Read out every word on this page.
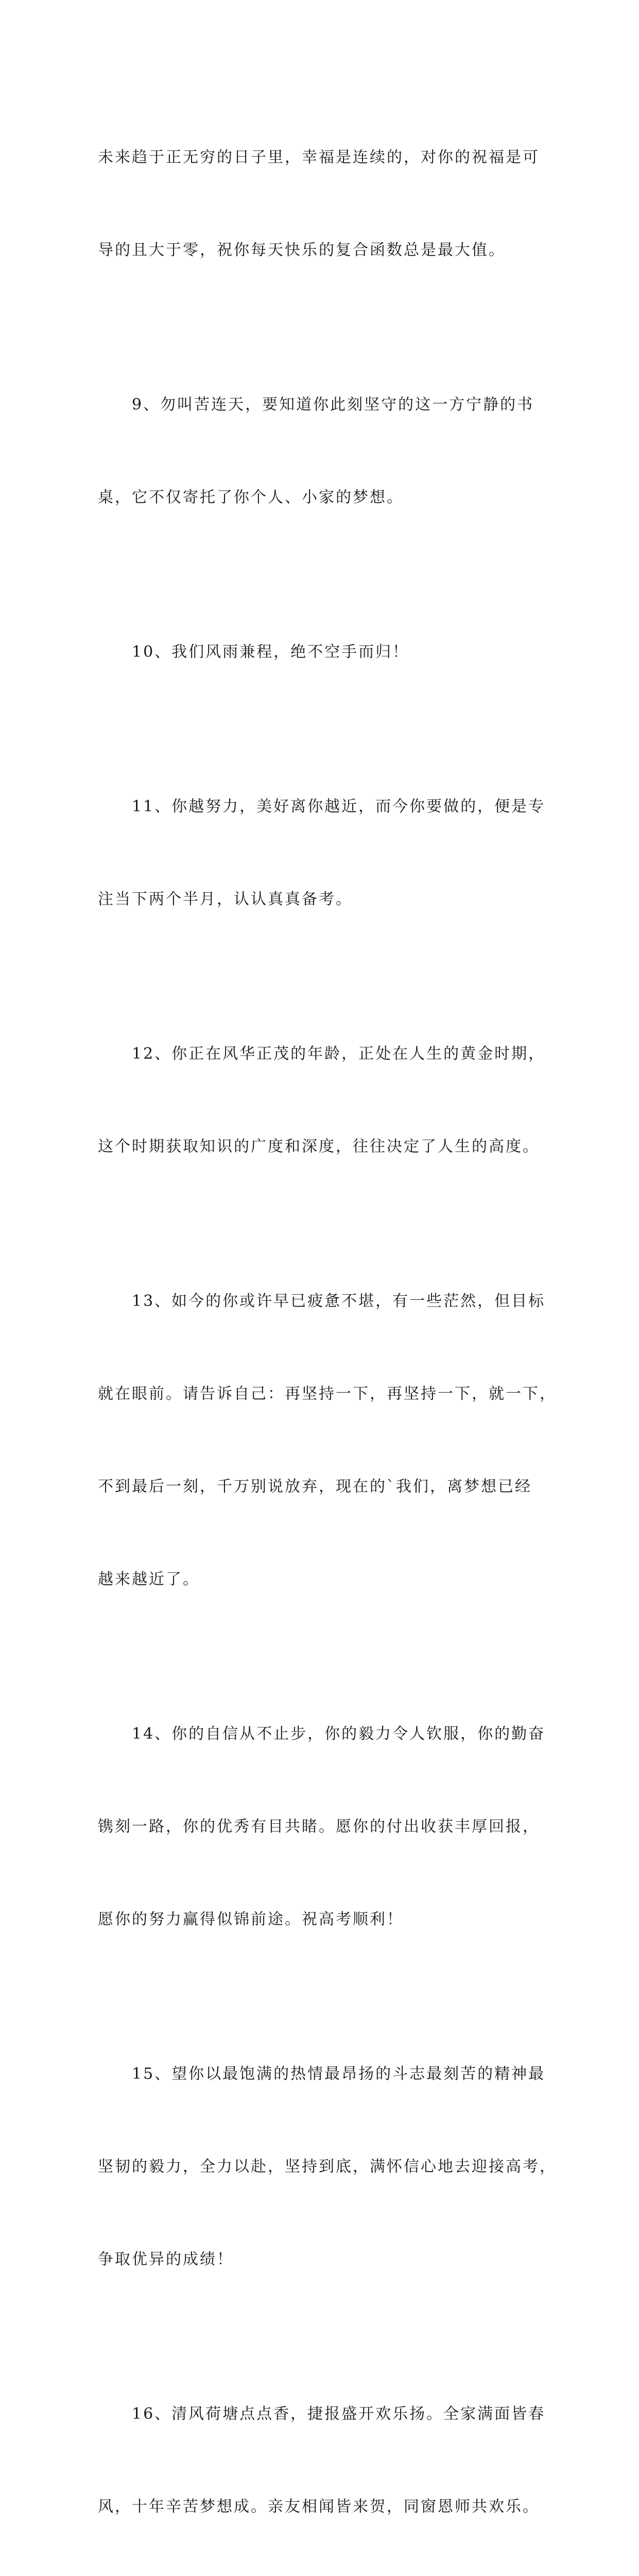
未来趋于正无穷的日子里，幸福是连续的，对你的祝福是可

导的且大于零，祝你每天快乐的复合函数总是最大值。

9、勿叫苦连天，要知道你此刻坚守的这一方宁静的书

桌，它不仅寄托了你个人、小家的梦想。

10、我们风雨兼程，绝不空手而归！

11、你越努力，美好离你越近，而今你要做的，便是专

注当下两个半月，认认真真备考。

12、你正在风华正茂的年龄，正处在人生的黄金时期，

这个时期获取知识的广度和深度，往往决定了人生的高度。

13、如今的你或许早已疲惫不堪，有一些茫然，但目标

就在眼前。请告诉自己：再坚持一下，再坚持一下，就一下，

不到最后一刻，千万别说放弃，现在的`我们，离梦想已经

越来越近了。

14、你的自信从不止步，你的毅力令人钦服，你的勤奋

镌刻一路，你的优秀有目共睹。愿你的付出收获丰厚回报，

愿你的努力赢得似锦前途。祝高考顺利！

15、望你以最饱满的热情最昂扬的斗志最刻苦的精神最

坚韧的毅力，全力以赴，坚持到底，满怀信心地去迎接高考，

争取优异的成绩！

16、清风荷塘点点香，捷报盛开欢乐扬。全家满面皆春

风，十年辛苦梦想成。亲友相闻皆来贺，同窗恩师共欢乐。
